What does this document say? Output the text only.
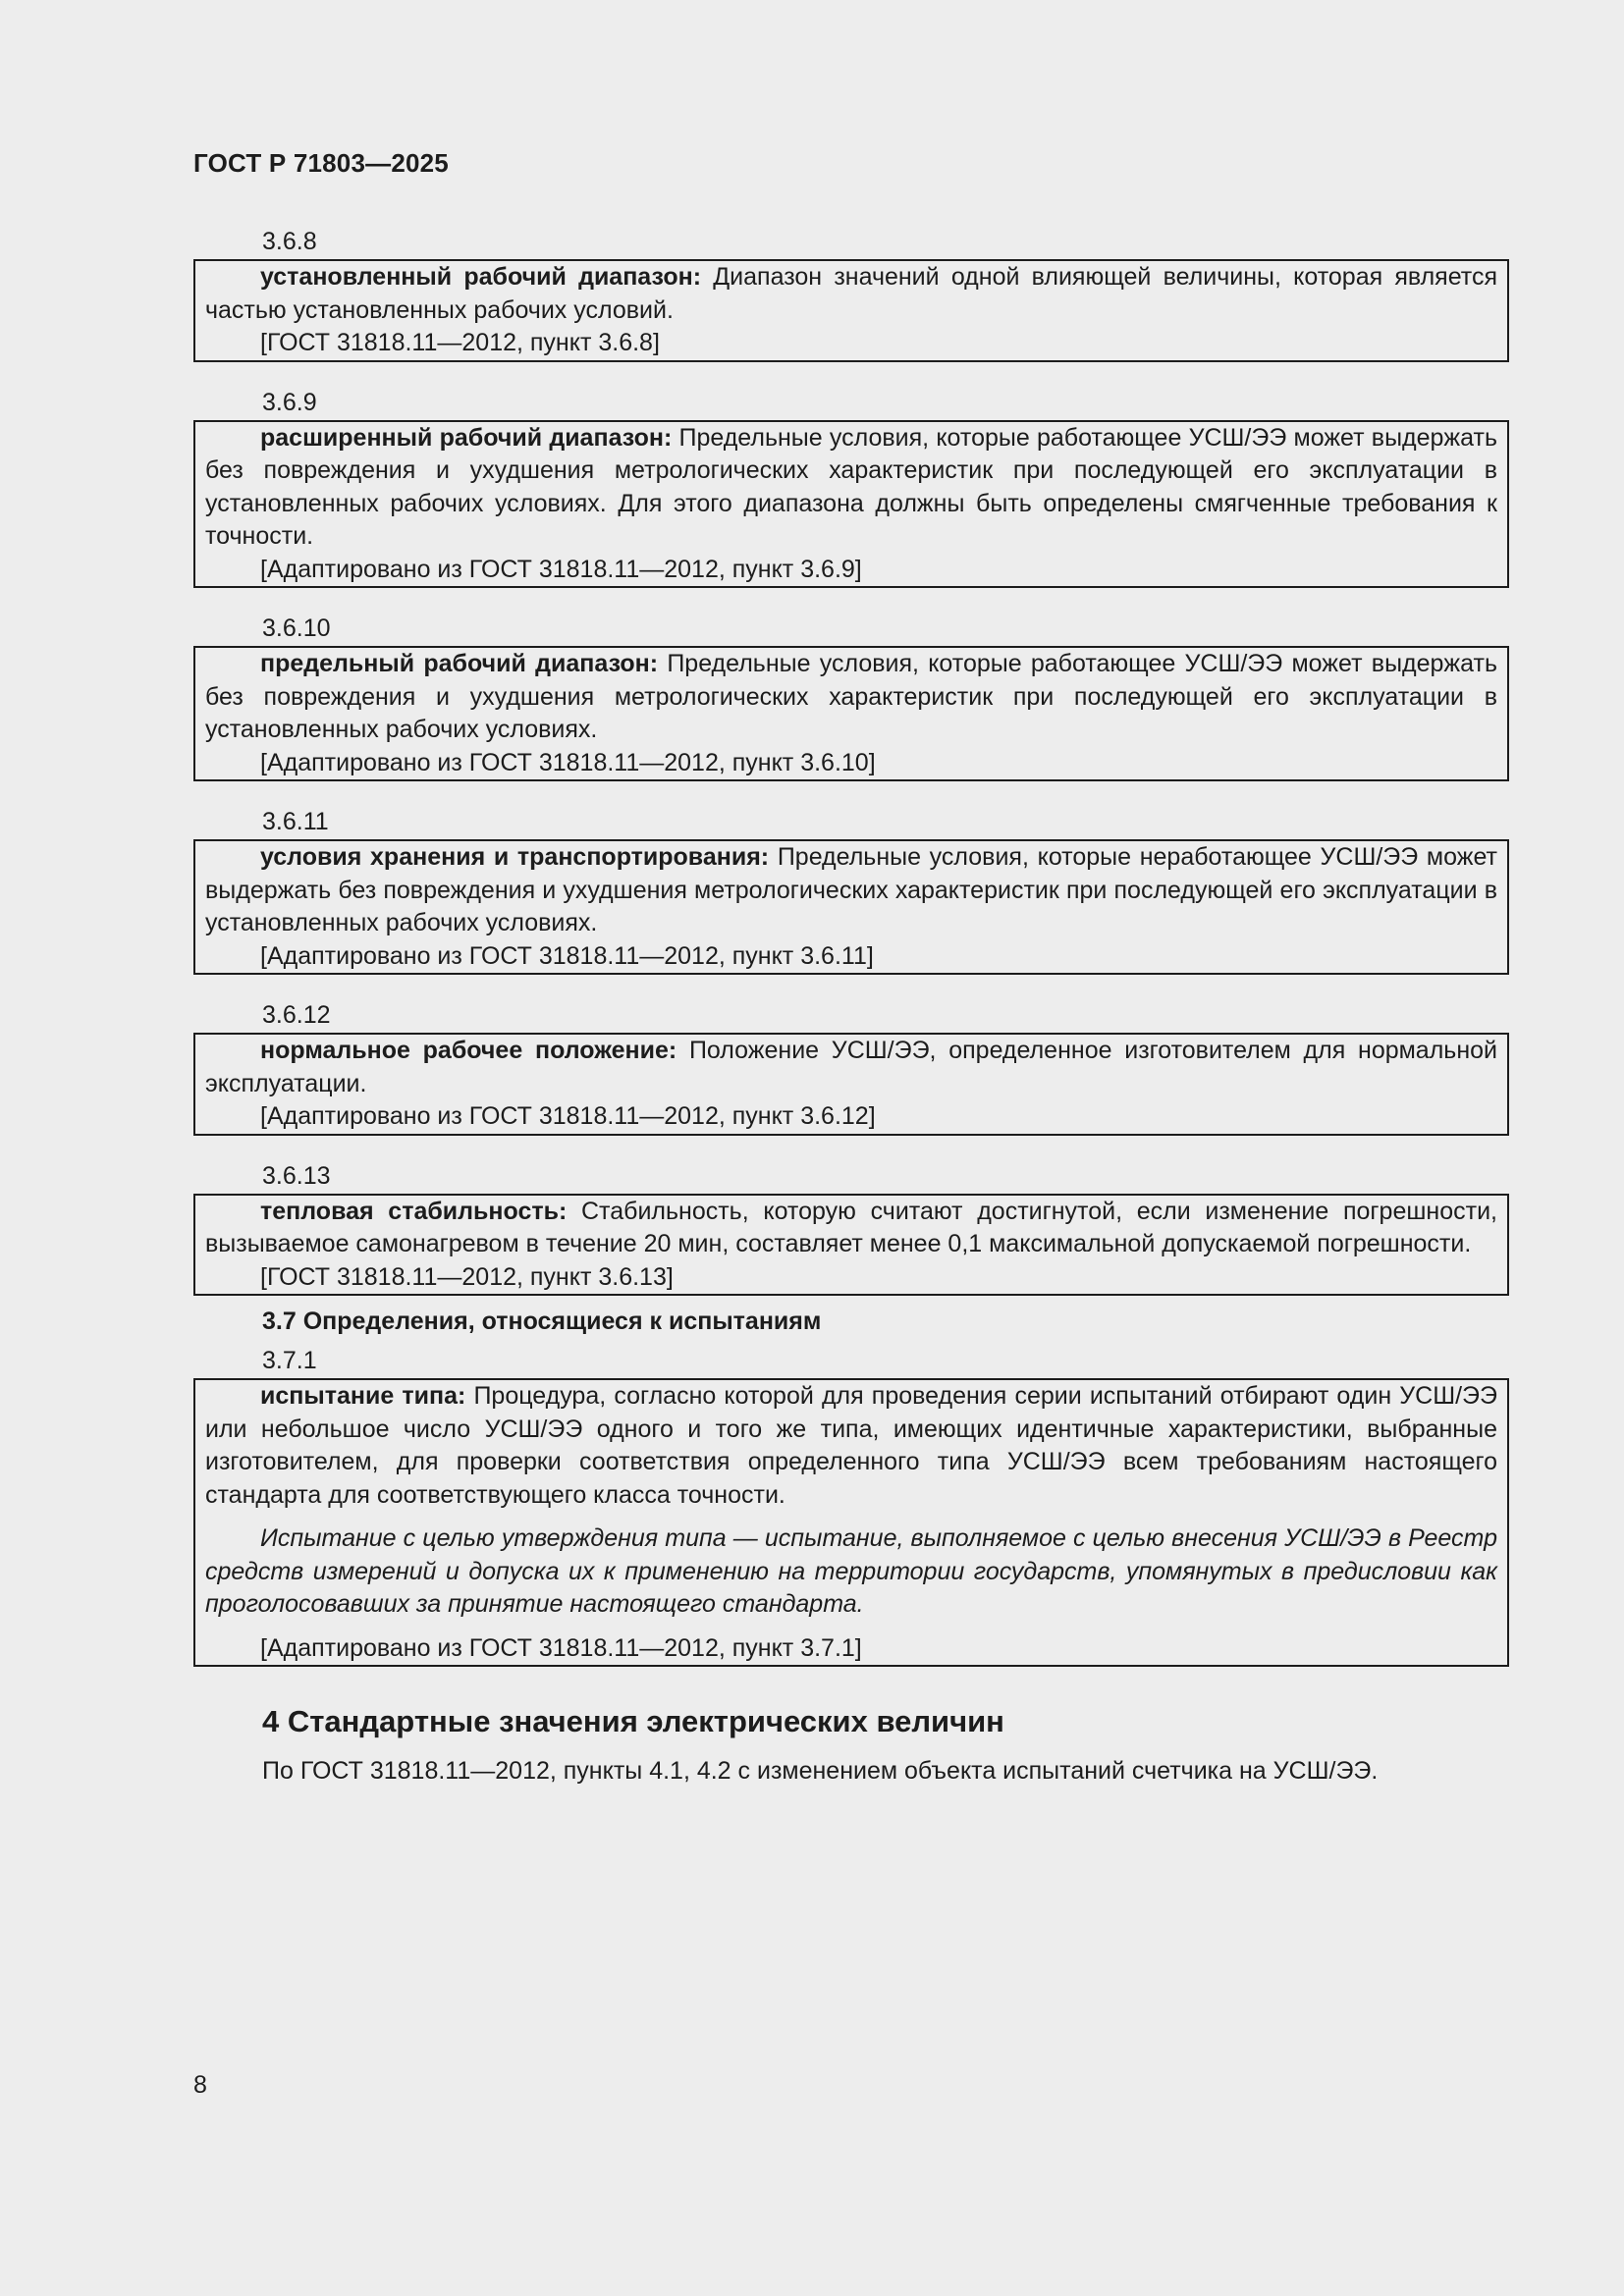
ГОСТ Р 71803—2025
3.6.8

установленный рабочий диапазон: Диапазон значений одной влияющей величины, которая является частью установленных рабочих условий.

[ГОСТ 31818.11—2012, пункт 3.6.8]

3.6.9

расширенный рабочий диапазон: Предельные условия, которые работающее УСШ/ЭЭ может выдержать без повреждения и ухудшения метрологических характеристик при последующей его эксплуатации в установленных рабочих условиях. Для этого диапазона должны быть определены смягченные требования к точности.

[Адаптировано из ГОСТ 31818.11—2012, пункт 3.6.9]

3.6.10

предельный рабочий диапазон: Предельные условия, которые работающее УСШ/ЭЭ может выдержать без повреждения и ухудшения метрологических характеристик при последующей его эксплуатации в установленных рабочих условиях.

[Адаптировано из ГОСТ 31818.11—2012, пункт 3.6.10]

3.6.11

условия хранения и транспортирования: Предельные условия, которые неработающее УСШ/ЭЭ может выдержать без повреждения и ухудшения метрологических характеристик при последующей его эксплуатации в установленных рабочих условиях.

[Адаптировано из ГОСТ 31818.11—2012, пункт 3.6.11]

3.6.12

нормальное рабочее положение: Положение УСШ/ЭЭ, определенное изготовителем для нормальной эксплуатации.

[Адаптировано из ГОСТ 31818.11—2012, пункт 3.6.12]

3.6.13

тепловая стабильность: Стабильность, которую считают достигнутой, если изменение погрешности, вызываемое самонагревом в течение 20 мин, составляет менее 0,1 максимальной допускаемой погрешности.

[ГОСТ 31818.11—2012, пункт 3.6.13]

3.7 Определения, относящиеся к испытаниям
3.7.1

испытание типа: Процедура, согласно которой для проведения серии испытаний отбирают один УСШ/ЭЭ или небольшое число УСШ/ЭЭ одного и того же типа, имеющих идентичные характеристики, выбранные изготовителем, для проверки соответствия определенного типа УСШ/ЭЭ всем требованиям настоящего стандарта для соответствующего класса точности.

Испытание с целью утверждения типа — испытание, выполняемое с целью внесения УСШ/ЭЭ в Реестр средств измерений и допуска их к применению на территории государств, упомянутых в предисловии как проголосовавших за принятие настоящего стандарта.

[Адаптировано из ГОСТ 31818.11—2012, пункт 3.7.1]

4 Стандартные значения электрических величин
По ГОСТ 31818.11—2012, пункты 4.1, 4.2 с изменением объекта испытаний счетчика на УСШ/ЭЭ.
8
